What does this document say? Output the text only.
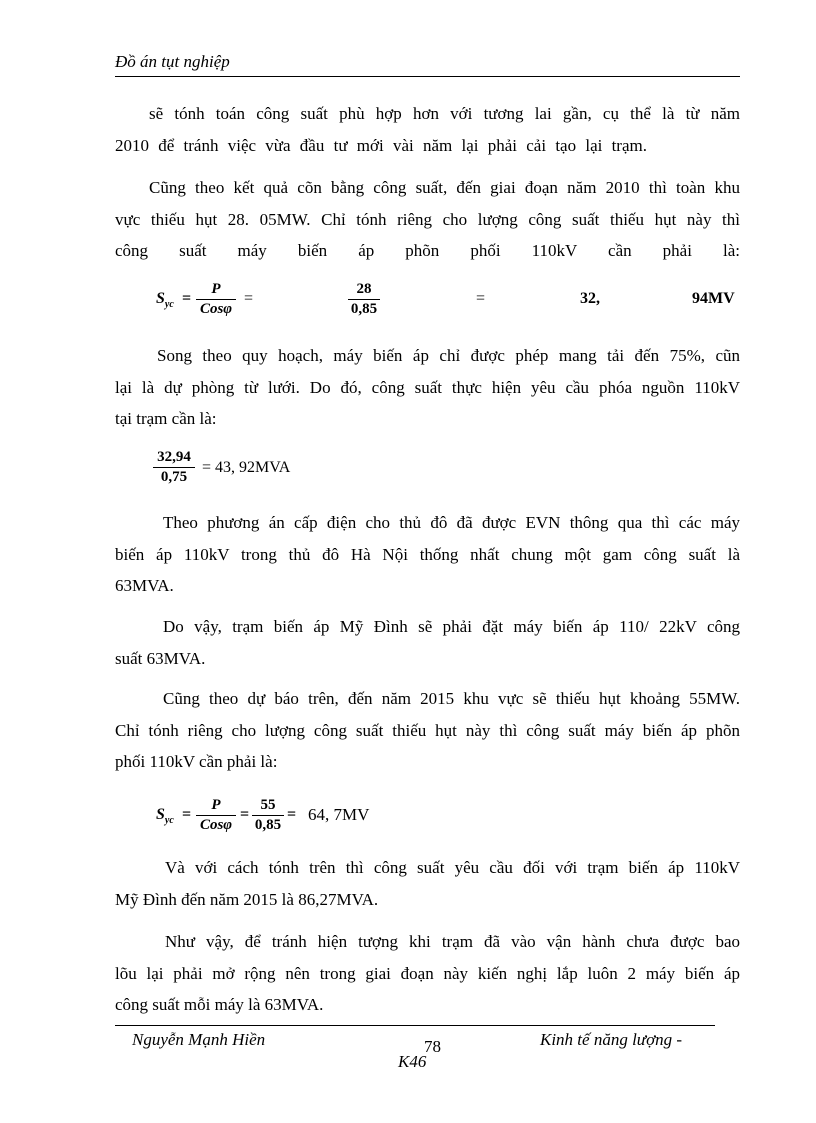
Đồ án tụt nghiệp
sẽ tónh toán công suất phù hợp hơn với tương lai gần, cụ thể là từ năm
2010 để tránh việc vừa đầu tư mới vài năm lại phải cải tạo lại trạm.
Cũng theo kết quả cõn bằng công suất, đến giai đoạn năm 2010 thì toàn khu
vực thiếu hụt 28. 05MW. Chỉ tónh riêng cho lượng công suất thiếu hụt này thì
công suất máy biến áp phõn phối 110kV cần phải là:
$S_{yc}$ =
P
Cosφ
=
28
0,85
=	32,	94MV
Song theo quy hoạch, máy biến áp chỉ được phép mang tải đến 75%, cũn
lại là dự phòng từ lưới. Do đó, công suất thực hiện yêu cầu phóa nguồn 110kV
tại trạm cần là:
32,94
0,75
= 43, 92MVA
Theo phương án cấp điện cho thủ đô đã được EVN thông qua thì các máy
biến áp 110kV trong thủ đô Hà Nội thống nhất chung một gam công suất là
63MVA.
Do vậy, trạm biến áp Mỹ Đình sẽ phải đặt máy biến áp 110/ 22kV công
suất 63MVA.
Cũng theo dự báo trên, đến năm 2015 khu vực sẽ thiếu hụt khoảng 55MW.
Chỉ tónh riêng cho lượng công suất thiếu hụt này thì công suất máy biến áp phõn
phối 110kV cần phải là:
$S_{yc}$ =
P
Cosφ
=
55
0,85
= 64, 7MV
Và với cách tónh trên thì công suất yêu cầu đối với trạm biến áp 110kV
Mỹ Đình đến năm 2015 là 86,27MVA.
Như vậy, để tránh hiện tượng khi trạm đã vào vận hành chưa được bao
lõu lại phải mở rộng nên trong giai đoạn này kiến nghị lắp luôn 2 máy biến áp
công suất mỗi máy là 63MVA.
Nguyễn Mạnh Hiền	78	Kinh tế năng lượng -
K46
